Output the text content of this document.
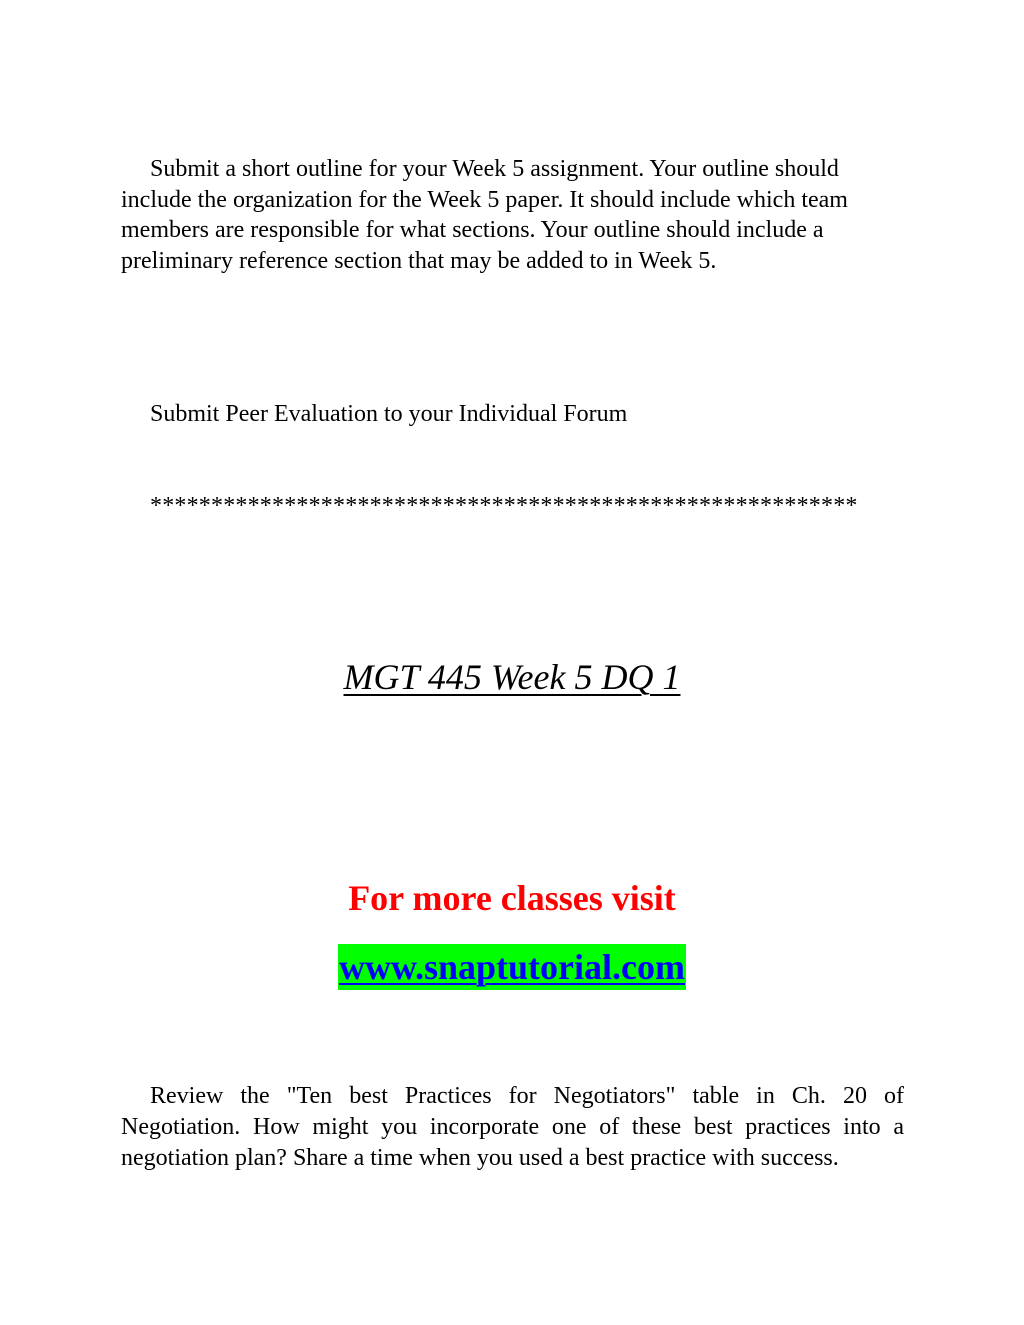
Submit a short outline for your Week 5 assignment. Your outline should include the organization for the Week 5 paper. It should include which team members are responsible for what sections. Your outline should include a preliminary reference section that may be added to in Week 5.

Submit Peer Evaluation to your Individual Forum

**********************************************************
MGT 445 Week 5 DQ 1
For more classes visit
www.snaptutorial.com

Review the "Ten best Practices for Negotiators" table in Ch. 20 of Negotiation. How might you incorporate one of these best practices into a negotiation plan? Share a time when you used a best practice with success.
